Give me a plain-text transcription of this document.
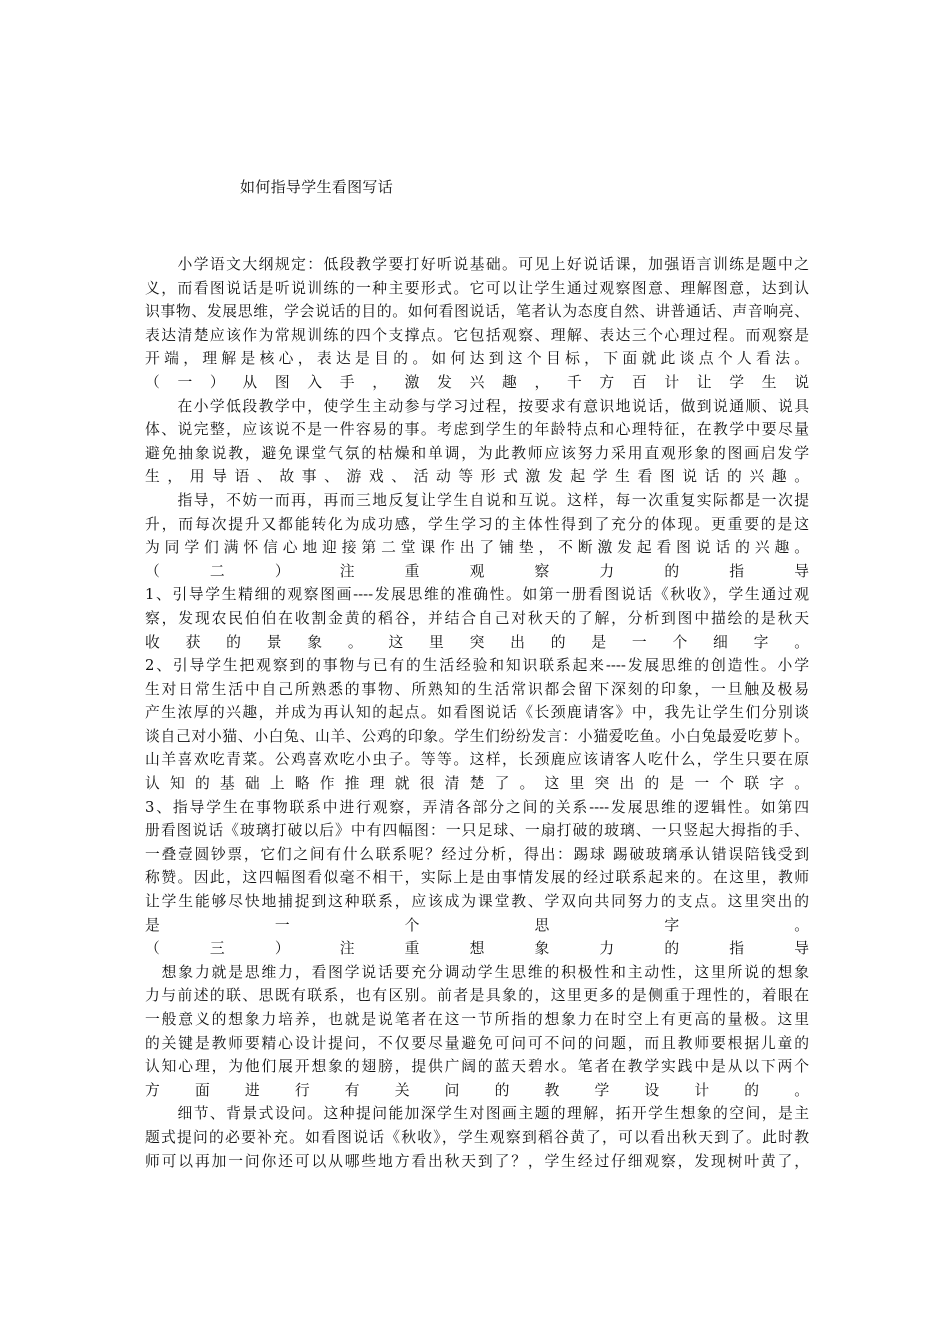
如何指导学生看图写话
　　小学语文大纲规定：低段教学要打好听说基础。可见上好说话课，加强语言训练是题中之
义，而看图说话是听说训练的一种主要形式。它可以让学生通过观察图意、理解图意，达到认
识事物、发展思维，学会说话的目的。如何看图说话，笔者认为态度自然、讲普通话、声音响亮、
表达清楚应该作为常规训练的四个支撑点。它包括观察、理解、表达三个心理过程。而观察是
开端，理解是核心，表达是目的。如何达到这个目标，下面就此谈点个人看法。
（一）从图入手，激发兴趣，千方百计让学生说
　　在小学低段教学中，使学生主动参与学习过程，按要求有意识地说话，做到说通顺、说具
体、说完整，应该说不是一件容易的事。考虑到学生的年龄特点和心理特征，在教学中要尽量
避免抽象说教，避免课堂气氛的枯燥和单调，为此教师应该努力采用直观形象的图画启发学
生，用导语、故事、游戏、活动等形式激发起学生看图说话的兴趣。
　　指导，不妨一而再，再而三地反复让学生自说和互说。这样，每一次重复实际都是一次提
升，而每次提升又都能转化为成功感，学生学习的主体性得到了充分的体现。更重要的是这
为同学们满怀信心地迎接第二堂课作出了铺垫，不断激发起看图说话的兴趣。
（二）注重观察力的指导
1、引导学生精细的观察图画----发展思维的准确性。如第一册看图说话《秋收》，学生通过观
察，发现农民伯伯在收割金黄的稻谷，并结合自己对秋天的了解，分析到图中描绘的是秋天
收获的景象。这里突出的是一个细字。
2、引导学生把观察到的事物与已有的生活经验和知识联系起来----发展思维的创造性。小学
生对日常生活中自己所熟悉的事物、所熟知的生活常识都会留下深刻的印象，一旦触及极易
产生浓厚的兴趣，并成为再认知的起点。如看图说话《长颈鹿请客》中，我先让学生们分别谈
谈自己对小猫、小白兔、山羊、公鸡的印象。学生们纷纷发言：小猫爱吃鱼。小白兔最爱吃萝卜。
山羊喜欢吃青菜。公鸡喜欢吃小虫子。等等。这样，长颈鹿应该请客人吃什么，学生只要在原
认知的基础上略作推理就很清楚了。这里突出的是一个联字。
3、指导学生在事物联系中进行观察，弄清各部分之间的关系----发展思维的逻辑性。如第四
册看图说话《玻璃打破以后》中有四幅图：一只足球、一扇打破的玻璃、一只竖起大拇指的手、
一叠壹圆钞票，它们之间有什么联系呢？经过分析，得出：踢球 踢破玻璃承认错误陪钱受到
称赞。因此，这四幅图看似毫不相干，实际上是由事情发展的经过联系起来的。在这里，教师
让学生能够尽快地捕捉到这种联系，应该成为课堂教、学双向共同努力的支点。这里突出的
是一个思字。
（三）注重想象力的指导
　想象力就是思维力，看图学说话要充分调动学生思维的积极性和主动性，这里所说的想象
力与前述的联、思既有联系，也有区别。前者是具象的，这里更多的是侧重于理性的，着眼在
一般意义的想象力培养，也就是说笔者在这一节所指的想象力在时空上有更高的量极。这里
的关键是教师要精心设计提问，不仅要尽量避免可问可不问的问题，而且教师要根据儿童的
认知心理，为他们展开想象的翅膀，提供广阔的蓝天碧水。笔者在教学实践中是从以下两个
方面进行有关问的教学设计的。
　　细节、背景式设问。这种提问能加深学生对图画主题的理解，拓开学生想象的空间，是主
题式提问的必要补充。如看图说话《秋收》，学生观察到稻谷黄了，可以看出秋天到了。此时教
师可以再加一问你还可以从哪些地方看出秋天到了？，学生经过仔细观察，发现树叶黄了，
